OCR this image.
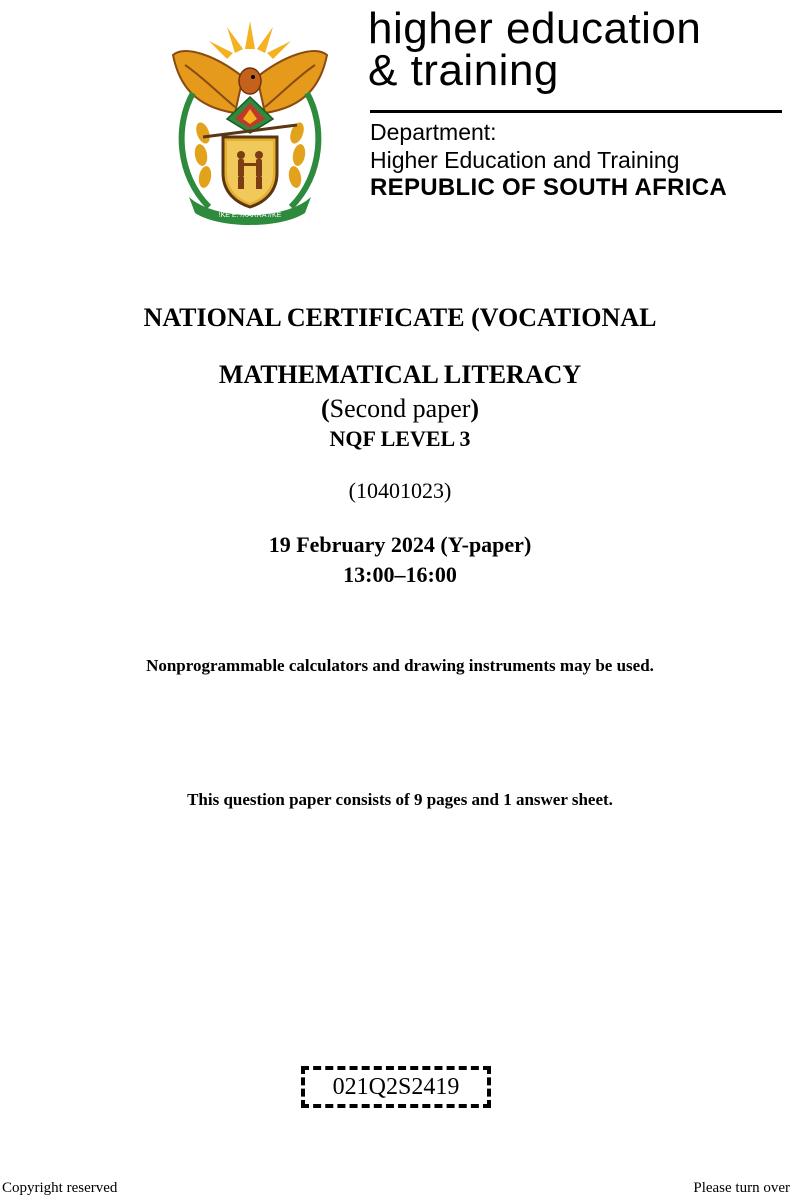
!KE E: /XARRA //KE
higher education
& training
Department:
Higher Education and Training
REPUBLIC OF SOUTH AFRICA
NATIONAL CERTIFICATE (VOCATIONAL
MATHEMATICAL LITERACY
(Second paper)
NQF LEVEL 3
(10401023)
19 February 2024 (Y-paper)
13:00–16:00
Nonprogrammable calculators and drawing instruments may be used.
This question paper consists of 9 pages and 1 answer sheet.
021Q2S2419
Copyright reserved	Please turn over
